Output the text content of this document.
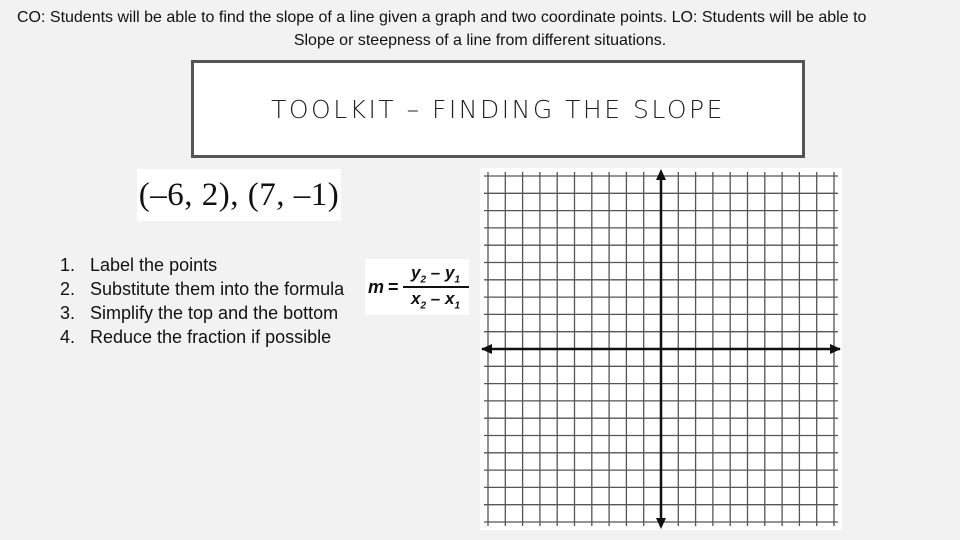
CO: Students will be able to find the slope of a line given a graph and two coordinate points. LO: Students will be able to
Slope or steepness of a line from different situations.
TOOLKIT – FINDING THE SLOPE
(–6, 2), (7, –1)
1. Label the points
2. Substitute them into the formula
3. Simplify the top and the bottom
4. Reduce the fraction if possible
$m = \frac{y_2 - y_1}{x_2 - x_1}$
